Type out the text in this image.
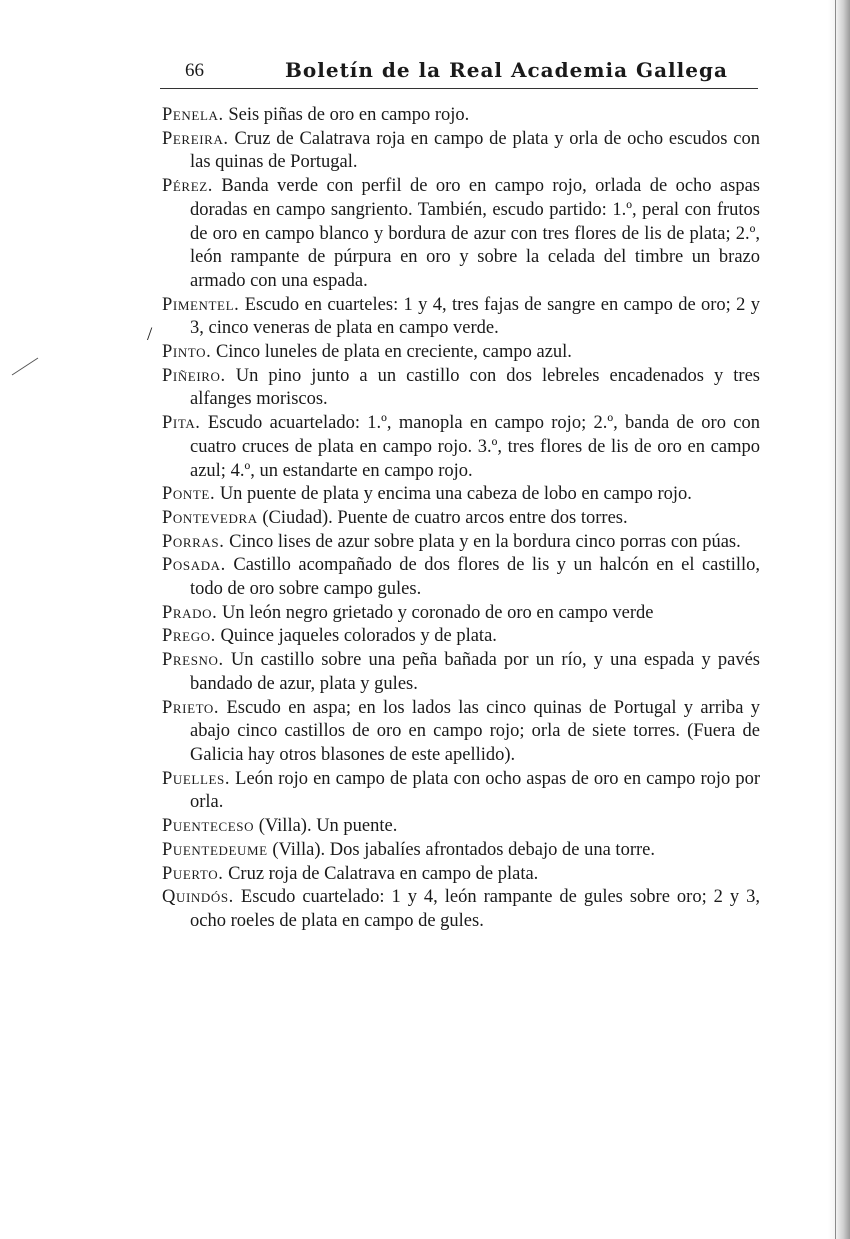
66	Boletín de la Real Academia Gallega
/

Penela. Seis piñas de oro en campo rojo.

Pereira. Cruz de Calatrava roja en campo de plata y orla de ocho escudos con las quinas de Portugal.

Pérez. Banda verde con perfil de oro en campo rojo, orlada de ocho aspas doradas en campo sangriento. También, escudo partido: 1.º, peral con frutos de oro en campo blanco y bordura de azur con tres flores de lis de plata; 2.º, león rampante de púrpura en oro y sobre la celada del timbre un brazo armado con una espada.

Pimentel. Escudo en cuarteles: 1 y 4, tres fajas de sangre en campo de oro; 2 y 3, cinco veneras de plata en campo verde.

Pinto. Cinco luneles de plata en creciente, campo azul.

Piñeiro. Un pino junto a un castillo con dos lebreles encadenados y tres alfanges moriscos.

Pita. Escudo acuartelado: 1.º, manopla en campo rojo; 2.º, banda de oro con cuatro cruces de plata en campo rojo. 3.º, tres flores de lis de oro en campo azul; 4.º, un estandarte en campo rojo.

Ponte. Un puente de plata y encima una cabeza de lobo en campo rojo.

Pontevedra (Ciudad). Puente de cuatro arcos entre dos torres.

Porras. Cinco lises de azur sobre plata y en la bordura cinco porras con púas.

Posada. Castillo acompañado de dos flores de lis y un halcón en el castillo, todo de oro sobre campo gules.

Prado. Un león negro grietado y coronado de oro en campo verde

Prego. Quince jaqueles colorados y de plata.

Presno. Un castillo sobre una peña bañada por un río, y una espada y pavés bandado de azur, plata y gules.

Prieto. Escudo en aspa; en los lados las cinco quinas de Portugal y arriba y abajo cinco castillos de oro en campo rojo; orla de siete torres. (Fuera de Galicia hay otros blasones de este apellido).

Puelles. León rojo en campo de plata con ocho aspas de oro en campo rojo por orla.

Puenteceso (Villa). Un puente.

Puentedeume (Villa). Dos jabalíes afrontados debajo de una torre.

Puerto. Cruz roja de Calatrava en campo de plata.

Quindós. Escudo cuartelado: 1 y 4, león rampante de gules sobre oro; 2 y 3, ocho roeles de plata en campo de gules.
